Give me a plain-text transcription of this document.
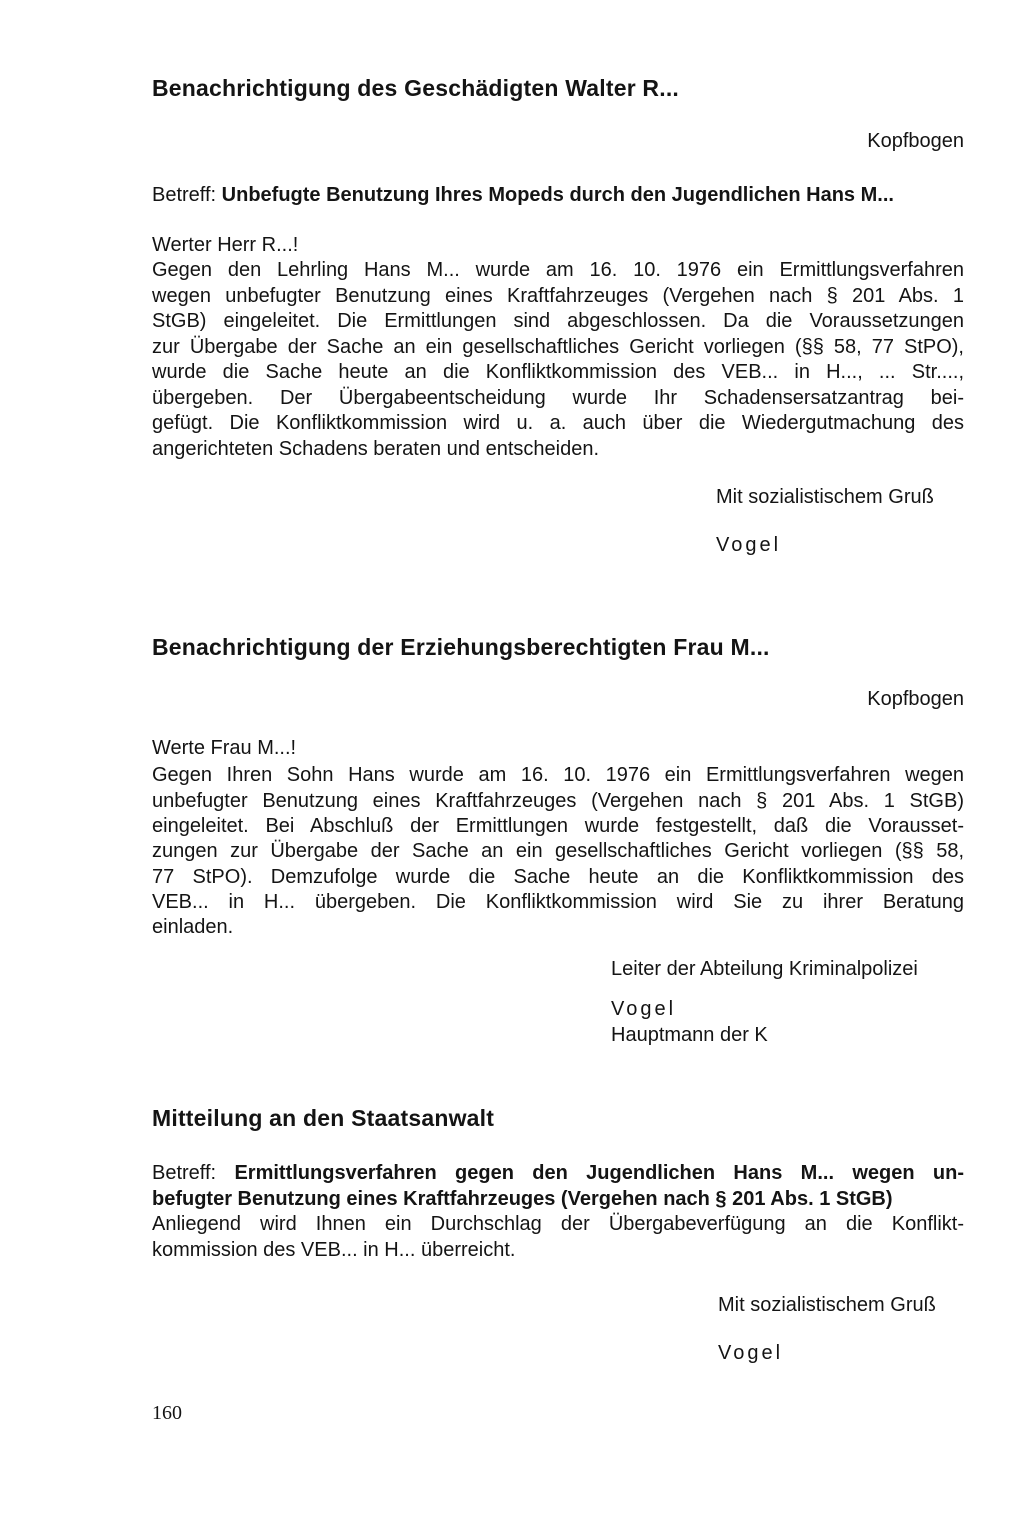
Benachrichtigung des Geschädigten Walter R...
Kopfbogen
Betreff: Unbefugte Benutzung Ihres Mopeds durch den Jugendlichen Hans M...
Werter Herr R...!
Gegen den Lehrling Hans M... wurde am 16. 10. 1976 ein Ermittlungsverfahren
wegen unbefugter Benutzung eines Kraftfahrzeuges (Vergehen nach § 201 Abs. 1
StGB) eingeleitet. Die Ermittlungen sind abgeschlossen. Da die Voraussetzungen
zur Übergabe der Sache an ein gesellschaftliches Gericht vorliegen (§§ 58, 77 StPO),
wurde die Sache heute an die Konfliktkommission des VEB... in H..., ... Str....,
übergeben. Der Übergabeentscheidung wurde Ihr Schadensersatzantrag bei-
gefügt. Die Konfliktkommission wird u. a. auch über die Wiedergutmachung des
angerichteten Schadens beraten und entscheiden.
Mit sozialistischem Gruß
Vogel
Benachrichtigung der Erziehungsberechtigten Frau M...
Kopfbogen
Werte Frau M...!
Gegen Ihren Sohn Hans wurde am 16. 10. 1976 ein Ermittlungsverfahren wegen
unbefugter Benutzung eines Kraftfahrzeuges (Vergehen nach § 201 Abs. 1 StGB)
eingeleitet. Bei Abschluß der Ermittlungen wurde festgestellt, daß die Vorausset-
zungen zur Übergabe der Sache an ein gesellschaftliches Gericht vorliegen (§§ 58,
77 StPO). Demzufolge wurde die Sache heute an die Konfliktkommission des
VEB... in H... übergeben. Die Konfliktkommission wird Sie zu ihrer Beratung
einladen.
Leiter der Abteilung Kriminalpolizei
Vogel
Hauptmann der K
Mitteilung an den Staatsanwalt
Betreff: Ermittlungsverfahren gegen den Jugendlichen Hans M... wegen un-
befugter Benutzung eines Kraftfahrzeuges (Vergehen nach § 201 Abs. 1 StGB)
Anliegend wird Ihnen ein Durchschlag der Übergabeverfügung an die Konflikt-
kommission des VEB... in H... überreicht.
Mit sozialistischem Gruß
Vogel
160
